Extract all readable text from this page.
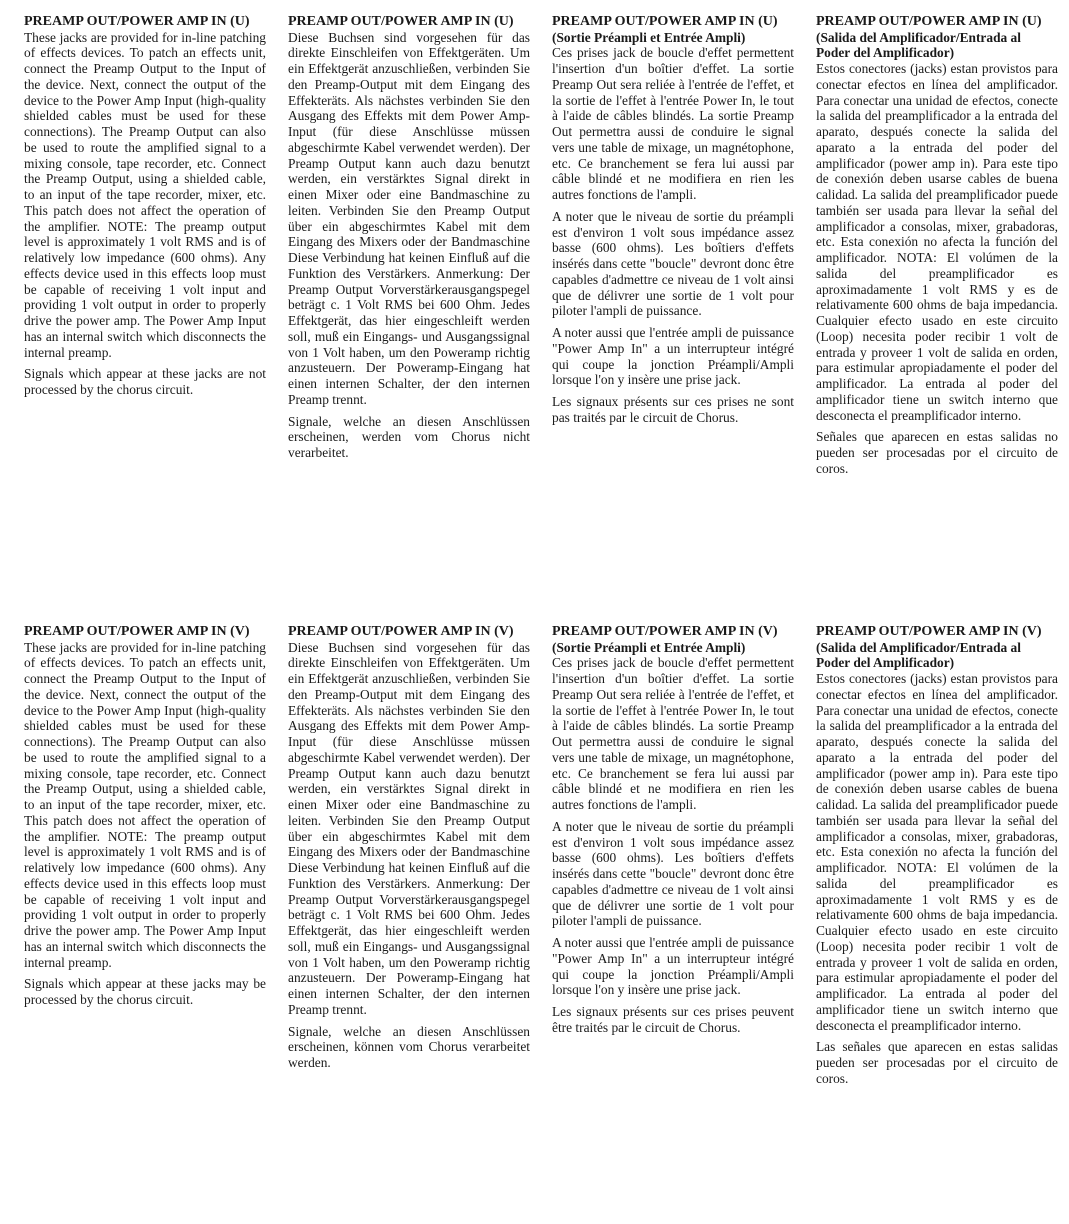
PREAMP OUT/POWER AMP IN (U)
These jacks are provided for in-line patching of effects devices. To patch an effects unit, connect the Preamp Output to the Input of the device. Next, connect the output of the device to the Power Amp Input (high-quality shielded cables must be used for these connections). The Preamp Output can also be used to route the amplified signal to a mixing console, tape recorder, etc. Connect the Preamp Output, using a shielded cable, to an input of the tape recorder, mixer, etc. This patch does not affect the operation of the amplifier. NOTE: The preamp output level is approximately 1 volt RMS and is of relatively low impedance (600 ohms). Any effects device used in this effects loop must be capable of receiving 1 volt input and providing 1 volt output in order to properly drive the power amp. The Power Amp Input has an internal switch which disconnects the internal preamp.
Signals which appear at these jacks are not processed by the chorus circuit.
PREAMP OUT/POWER AMP IN (U)
Diese Buchsen sind vorgesehen für das direkte Einschleifen von Effektgeräten. Um ein Effektgerät anzuschließen, verbinden Sie den Preamp-Output mit dem Eingang des Effekteräts. Als nächstes verbinden Sie den Ausgang des Effekts mit dem Power Amp-Input (für diese Anschlüsse müssen abgeschirmte Kabel verwendet werden). Der Preamp Output kann auch dazu benutzt werden, ein verstärktes Signal direkt in einen Mixer oder eine Bandmaschine zu leiten. Verbinden Sie den Preamp Output über ein abgeschirmtes Kabel mit dem Eingang des Mixers oder der Bandmaschine Diese Verbindung hat keinen Einfluß auf die Funktion des Verstärkers. Anmerkung: Der Preamp Output Vorverstärkerausgangspegel beträgt c. 1 Volt RMS bei 600 Ohm. Jedes Effektgerät, das hier eingeschleift werden soll, muß ein Eingangs- und Ausgangssignal von 1 Volt haben, um den Poweramp richtig anzusteuern. Der Poweramp-Eingang hat einen internen Schalter, der den internen Preamp trennt.
Signale, welche an diesen Anschlüssen erscheinen, werden vom Chorus nicht verarbeitet.
PREAMP OUT/POWER AMP IN (U)
(Sortie Préampli et Entrée Ampli)
Ces prises jack de boucle d'effet permettent l'insertion d'un boîtier d'effet. La sortie Preamp Out sera reliée à l'entrée de l'effet, et la sortie de l'effet à l'entrée Power In, le tout à l'aide de câbles blindés. La sortie Preamp Out permettra aussi de conduire le signal vers une table de mixage, un magnétophone, etc. Ce branchement se fera lui aussi par câble blindé et ne modifiera en rien les autres fonctions de l'ampli.
A noter que le niveau de sortie du préampli est d'environ 1 volt sous impédance assez basse (600 ohms). Les boîtiers d'effets insérés dans cette "boucle" devront donc être capables d'admettre ce niveau de 1 volt ainsi que de délivrer une sortie de 1 volt pour piloter l'ampli de puissance.
A noter aussi que l'entrée ampli de puissance "Power Amp In" a un interrupteur intégré qui coupe la jonction Préampli/Ampli lorsque l'on y insère une prise jack.
Les signaux présents sur ces prises ne sont pas traités par le circuit de Chorus.
PREAMP OUT/POWER AMP IN (U)
(Salida del Amplificador/Entrada al Poder del Amplificador)
Estos conectores (jacks) estan provistos para conectar efectos en línea del amplificador. Para conectar una unidad de efectos, conecte la salida del preamplificador a la entrada del aparato, después conecte la salida del aparato a la entrada del poder del amplificador (power amp in). Para este tipo de conexión deben usarse cables de buena calidad. La salida del preamplificador puede también ser usada para llevar la señal del amplificador a consolas, mixer, grabadoras, etc. Esta conexión no afecta la función del amplificador. NOTA: El volúmen de la salida del preamplificador es aproximadamente 1 volt RMS y es de relativamente 600 ohms de baja impedancia. Cualquier efecto usado en este circuito (Loop) necesita poder recibir 1 volt de entrada y proveer 1 volt de salida en orden, para estimular apropiadamente el poder del amplificador. La entrada al poder del amplificador tiene un switch interno que desconecta el preamplificador interno.
Señales que aparecen en estas salidas no pueden ser procesadas por el circuito de coros.
PREAMP OUT/POWER AMP IN (V)
These jacks are provided for in-line patching of effects devices. To patch an effects unit, connect the Preamp Output to the Input of the device. Next, connect the output of the device to the Power Amp Input (high-quality shielded cables must be used for these connections). The Preamp Output can also be used to route the amplified signal to a mixing console, tape recorder, etc. Connect the Preamp Output, using a shielded cable, to an input of the tape recorder, mixer, etc. This patch does not affect the operation of the amplifier. NOTE: The preamp output level is approximately 1 volt RMS and is of relatively low impedance (600 ohms). Any effects device used in this effects loop must be capable of receiving 1 volt input and providing 1 volt output in order to properly drive the power amp. The Power Amp Input has an internal switch which disconnects the internal preamp.
Signals which appear at these jacks may be processed by the chorus circuit.
PREAMP OUT/POWER AMP IN (V)
Diese Buchsen sind vorgesehen für das direkte Einschleifen von Effektgeräten. Um ein Effektgerät anzuschließen, verbinden Sie den Preamp-Output mit dem Eingang des Effekteräts. Als nächstes verbinden Sie den Ausgang des Effekts mit dem Power Amp-Input (für diese Anschlüsse müssen abgeschirmte Kabel verwendet werden). Der Preamp Output kann auch dazu benutzt werden, ein verstärktes Signal direkt in einen Mixer oder eine Bandmaschine zu leiten. Verbinden Sie den Preamp Output über ein abgeschirmtes Kabel mit dem Eingang des Mixers oder der Bandmaschine Diese Verbindung hat keinen Einfluß auf die Funktion des Verstärkers. Anmerkung: Der Preamp Output Vorverstärkerausgangspegel beträgt c. 1 Volt RMS bei 600 Ohm. Jedes Effektgerät, das hier eingeschleift werden soll, muß ein Eingangs- und Ausgangssignal von 1 Volt haben, um den Poweramp richtig anzusteuern. Der Poweramp-Eingang hat einen internen Schalter, der den internen Preamp trennt.
Signale, welche an diesen Anschlüssen erscheinen, können vom Chorus verarbeitet werden.
PREAMP OUT/POWER AMP IN (V)
(Sortie Préampli et Entrée Ampli)
Ces prises jack de boucle d'effet permettent l'insertion d'un boîtier d'effet. La sortie Preamp Out sera reliée à l'entrée de l'effet, et la sortie de l'effet à l'entrée Power In, le tout à l'aide de câbles blindés. La sortie Preamp Out permettra aussi de conduire le signal vers une table de mixage, un magnétophone, etc. Ce branchement se fera lui aussi par câble blindé et ne modifiera en rien les autres fonctions de l'ampli.
A noter que le niveau de sortie du préampli est d'environ 1 volt sous impédance assez basse (600 ohms). Les boîtiers d'effets insérés dans cette "boucle" devront donc être capables d'admettre ce niveau de 1 volt ainsi que de délivrer une sortie de 1 volt pour piloter l'ampli de puissance.
A noter aussi que l'entrée ampli de puissance "Power Amp In" a un interrupteur intégré qui coupe la jonction Préampli/Ampli lorsque l'on y insère une prise jack.
Les signaux présents sur ces prises peuvent être traités par le circuit de Chorus.
PREAMP OUT/POWER AMP IN (V)
(Salida del Amplificador/Entrada al Poder del Amplificador)
Estos conectores (jacks) estan provistos para conectar efectos en línea del amplificador. Para conectar una unidad de efectos, conecte la salida del preamplificador a la entrada del aparato, después conecte la salida del aparato a la entrada del poder del amplificador (power amp in). Para este tipo de conexión deben usarse cables de buena calidad. La salida del preamplificador puede también ser usada para llevar la señal del amplificador a consolas, mixer, grabadoras, etc. Esta conexión no afecta la función del amplificador. NOTA: El volúmen de la salida del preamplificador es aproximadamente 1 volt RMS y es de relativamente 600 ohms de baja impedancia. Cualquier efecto usado en este circuito (Loop) necesita poder recibir 1 volt de entrada y proveer 1 volt de salida en orden, para estimular apropiadamente el poder del amplificador. La entrada al poder del amplificador tiene un switch interno que desconecta el preamplificador interno.
Las señales que aparecen en estas salidas pueden ser procesadas por el circuito de coros.
